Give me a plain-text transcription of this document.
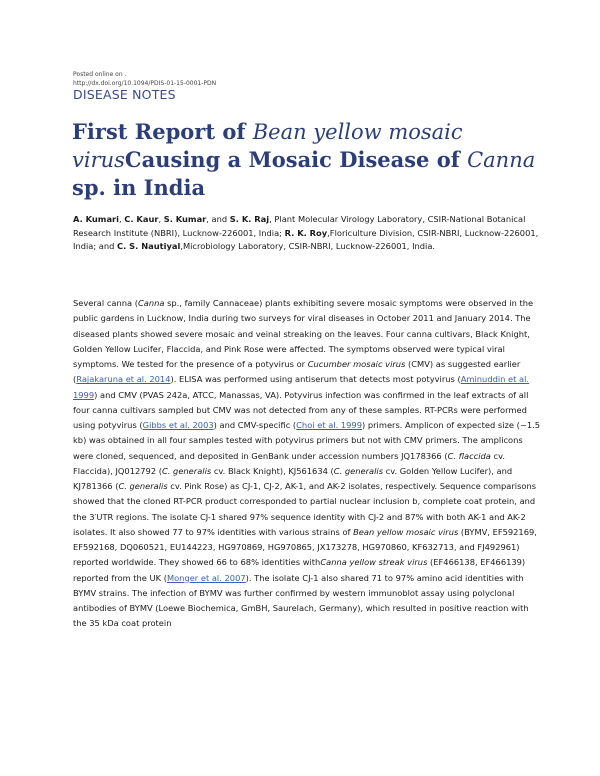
Posted online on .
http://dx.doi.org/10.1094/PDIS-01-15-0001-PDN
DISEASE NOTES
First Report of Bean yellow mosaic virusCausing a Mosaic Disease of Canna sp. in India
A. Kumari, C. Kaur, S. Kumar, and S. K. Raj, Plant Molecular Virology Laboratory, CSIR-National Botanical Research Institute (NBRI), Lucknow-226001, India; R. K. Roy,Floriculture Division, CSIR-NBRI, Lucknow-226001, India; and C. S. Nautiyal,Microbiology Laboratory, CSIR-NBRI, Lucknow-226001, India.
Several canna (Canna sp., family Cannaceae) plants exhibiting severe mosaic symptoms were observed in the public gardens in Lucknow, India during two surveys for viral diseases in October 2011 and January 2014. The diseased plants showed severe mosaic and veinal streaking on the leaves. Four canna cultivars, Black Knight, Golden Yellow Lucifer, Flaccida, and Pink Rose were affected. The symptoms observed were typical viral symptoms. We tested for the presence of a potyvirus or Cucumber mosaic virus (CMV) as suggested earlier (Rajakaruna et al. 2014). ELISA was performed using antiserum that detects most potyvirus (Aminuddin et al. 1999) and CMV (PVAS 242a, ATCC, Manassas, VA). Potyvirus infection was confirmed in the leaf extracts of all four canna cultivars sampled but CMV was not detected from any of these samples. RT-PCRs were performed using potyvirus (Gibbs et al. 2003) and CMV-specific (Choi et al. 1999) primers. Amplicon of expected size (~1.5 kb) was obtained in all four samples tested with potyvirus primers but not with CMV primers. The amplicons were cloned, sequenced, and deposited in GenBank under accession numbers JQ178366 (C. flaccida cv. Flaccida), JQ012792 (C. generalis cv. Black Knight), KJ561634 (C. generalis cv. Golden Yellow Lucifer), and KJ781366 (C. generalis cv. Pink Rose) as CJ-1, CJ-2, AK-1, and AK-2 isolates, respectively. Sequence comparisons showed that the cloned RT-PCR product corresponded to partial nuclear inclusion b, complete coat protein, and the 3′UTR regions. The isolate CJ-1 shared 97% sequence identity with CJ-2 and 87% with both AK-1 and AK-2 isolates. It also showed 77 to 97% identities with various strains of Bean yellow mosaic virus (BYMV, EF592169, EF592168, DQ060521, EU144223, HG970869, HG970865, JX173278, HG970860, KF632713, and FJ492961) reported worldwide. They showed 66 to 68% identities withCanna yellow streak virus (EF466138, EF466139) reported from the UK (Monger et al. 2007). The isolate CJ-1 also shared 71 to 97% amino acid identities with BYMV strains. The infection of BYMV was further confirmed by western immunoblot assay using polyclonal antibodies of BYMV (Loewe Biochemica, GmBH, Saurelach, Germany), which resulted in positive reaction with the 35 kDa coat protein
